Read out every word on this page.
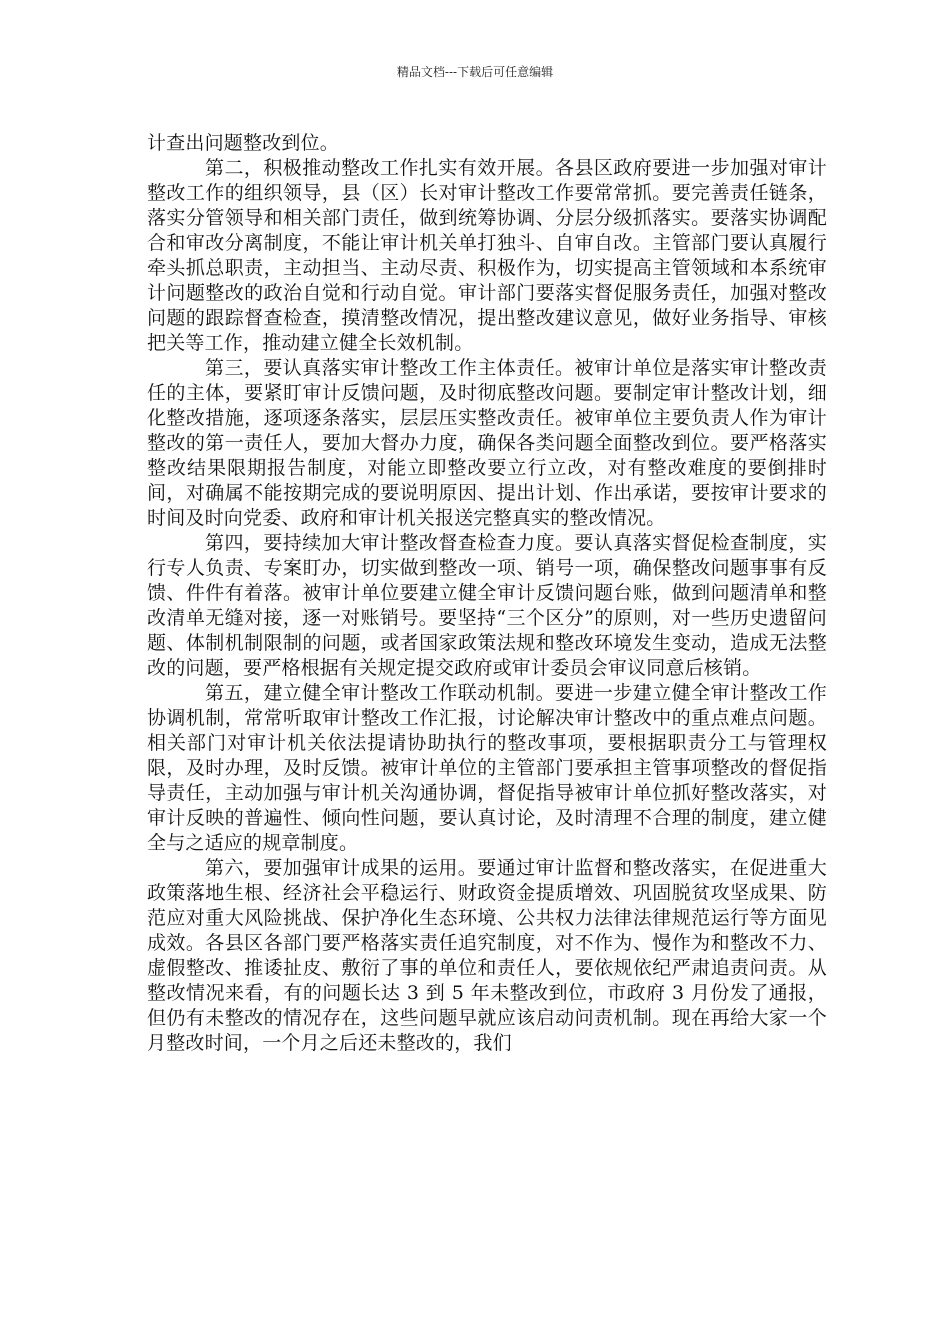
精品文档---下载后可任意编辑

计查出问题整改到位。

第二，积极推动整改工作扎实有效开展。各县区政府要进一步加强对审计整改工作的组织领导，县（区）长对审计整改工作要常常抓。要完善责任链条，落实分管领导和相关部门责任，做到统筹协调、分层分级抓落实。要落实协调配合和审改分离制度，不能让审计机关单打独斗、自审自改。主管部门要认真履行牵头抓总职责，主动担当、主动尽责、积极作为，切实提高主管领域和本系统审计问题整改的政治自觉和行动自觉。审计部门要落实督促服务责任，加强对整改问题的跟踪督查检查，摸清整改情况，提出整改建议意见，做好业务指导、审核把关等工作，推动建立健全长效机制。

第三，要认真落实审计整改工作主体责任。被审计单位是落实审计整改责任的主体，要紧盯审计反馈问题，及时彻底整改问题。要制定审计整改计划，细化整改措施，逐项逐条落实，层层压实整改责任。被审单位主要负责人作为审计整改的第一责任人，要加大督办力度，确保各类问题全面整改到位。要严格落实整改结果限期报告制度，对能立即整改要立行立改，对有整改难度的要倒排时间，对确属不能按期完成的要说明原因、提出计划、作出承诺，要按审计要求的时间及时向党委、政府和审计机关报送完整真实的整改情况。

第四，要持续加大审计整改督查检查力度。要认真落实督促检查制度，实行专人负责、专案盯办，切实做到整改一项、销号一项，确保整改问题事事有反馈、件件有着落。被审计单位要建立健全审计反馈问题台账，做到问题清单和整改清单无缝对接，逐一对账销号。要坚持“三个区分”的原则，对一些历史遗留问题、体制机制限制的问题，或者国家政策法规和整改环境发生变动，造成无法整改的问题，要严格根据有关规定提交政府或审计委员会审议同意后核销。

第五，建立健全审计整改工作联动机制。要进一步建立健全审计整改工作协调机制，常常听取审计整改工作汇报，讨论解决审计整改中的重点难点问题。相关部门对审计机关依法提请协助执行的整改事项，要根据职责分工与管理权限，及时办理，及时反馈。被审计单位的主管部门要承担主管事项整改的督促指导责任，主动加强与审计机关沟通协调，督促指导被审计单位抓好整改落实，对审计反映的普遍性、倾向性问题，要认真讨论，及时清理不合理的制度，建立健全与之适应的规章制度。

第六，要加强审计成果的运用。要通过审计监督和整改落实，在促进重大政策落地生根、经济社会平稳运行、财政资金提质增效、巩固脱贫攻坚成果、防范应对重大风险挑战、保护净化生态环境、公共权力法律法律规范运行等方面见成效。各县区各部门要严格落实责任追究制度，对不作为、慢作为和整改不力、虚假整改、推诿扯皮、敷衍了事的单位和责任人，要依规依纪严肃追责问责。从整改情况来看，有的问题长达 3 到 5 年未整改到位，市政府 3 月份发了通报，但仍有未整改的情况存在，这些问题早就应该启动问责机制。现在再给大家一个月整改时间，一个月之后还未整改的，我们
